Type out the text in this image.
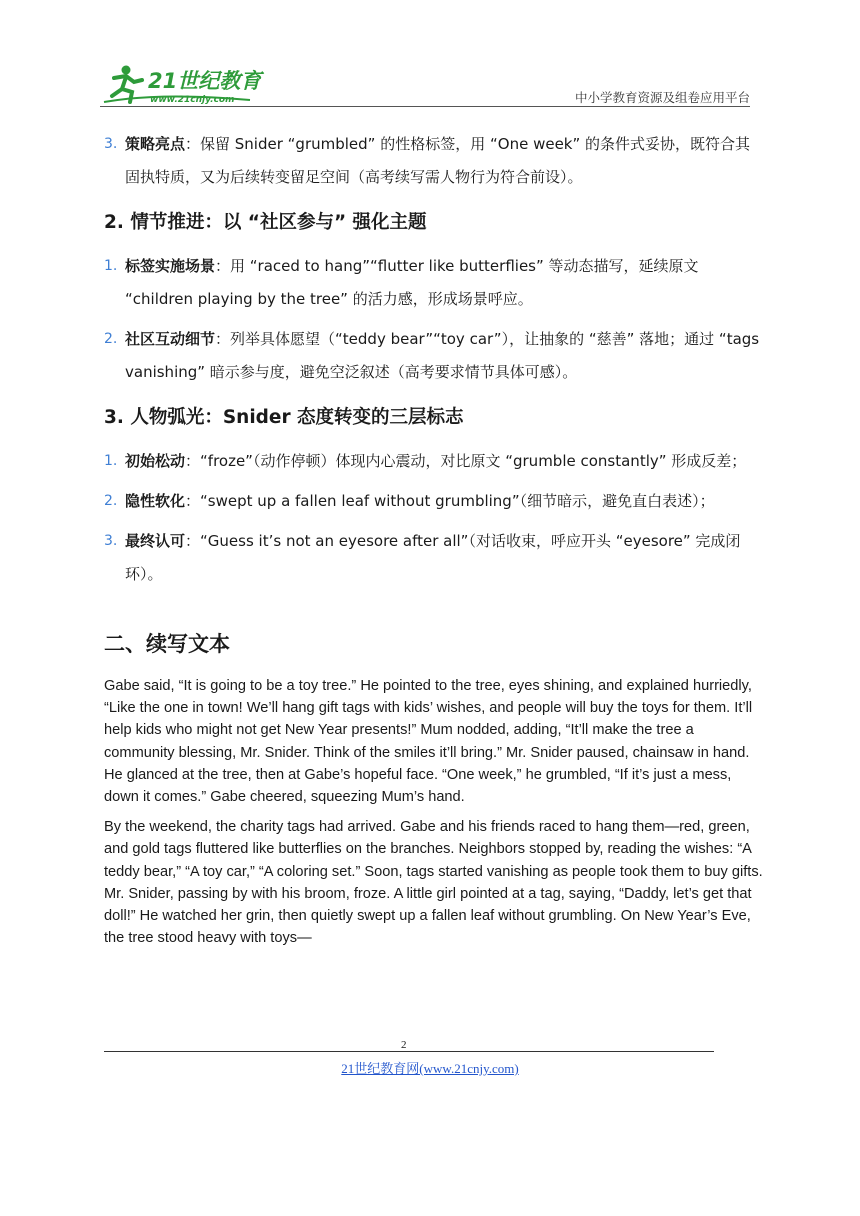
21世纪教育
www.21cnjy.com	中小学教育资源及组卷应用平台
3. 策略亮点：保留 Snider “grumbled” 的性格标签，用 “One week” 的条件式妥协，既符合其固执特质，又为后续转变留足空间（高考续写需人物行为符合前设）。
2. 情节推进：以 “社区参与” 强化主题
1. 标签实施场景：用 “raced to hang”“flutter like butterflies” 等动态描写，延续原文 “children playing by the tree” 的活力感，形成场景呼应。
2. 社区互动细节：列举具体愿望（“teddy bear”“toy car”），让抽象的 “慈善” 落地；通过 “tags vanishing” 暗示参与度，避免空泛叙述（高考要求情节具体可感）。
3. 人物弧光：Snider 态度转变的三层标志
1. 初始松动：“froze”（动作停顿）体现内心震动，对比原文 “grumble constantly” 形成反差；
2. 隐性软化：“swept up a fallen leaf without grumbling”（细节暗示，避免直白表述）；
3. 最终认可：“Guess it’s not an eyesore after all”（对话收束，呼应开头 “eyesore” 完成闭环）。
二、续写文本

Gabe said, “It is going to be a toy tree.” He pointed to the tree, eyes shining, and explained hurriedly, “Like the one in town! We’ll hang gift tags with kids’ wishes, and people will buy the toys for them. It’ll help kids who might not get New Year presents!” Mum nodded, adding, “It’ll make the tree a community blessing, Mr. Snider. Think of the smiles it’ll bring.” Mr. Snider paused, chainsaw in hand. He glanced at the tree, then at Gabe’s hopeful face. “One week,” he grumbled, “If it’s just a mess, down it comes.” Gabe cheered, squeezing Mum’s hand.

By the weekend, the charity tags had arrived. Gabe and his friends raced to hang them—red, green, and gold tags fluttered like butterflies on the branches. Neighbors stopped by, reading the wishes: “A teddy bear,” “A toy car,” “A coloring set.” Soon, tags started vanishing as people took them to buy gifts. Mr. Snider, passing by with his broom, froze. A little girl pointed at a tag, saying, “Daddy, let’s get that doll!” He watched her grin, then quietly swept up a fallen leaf without grumbling. On New Year’s Eve, the tree stood heavy with toys—

2
21世纪教育网(www.21cnjy.com)
